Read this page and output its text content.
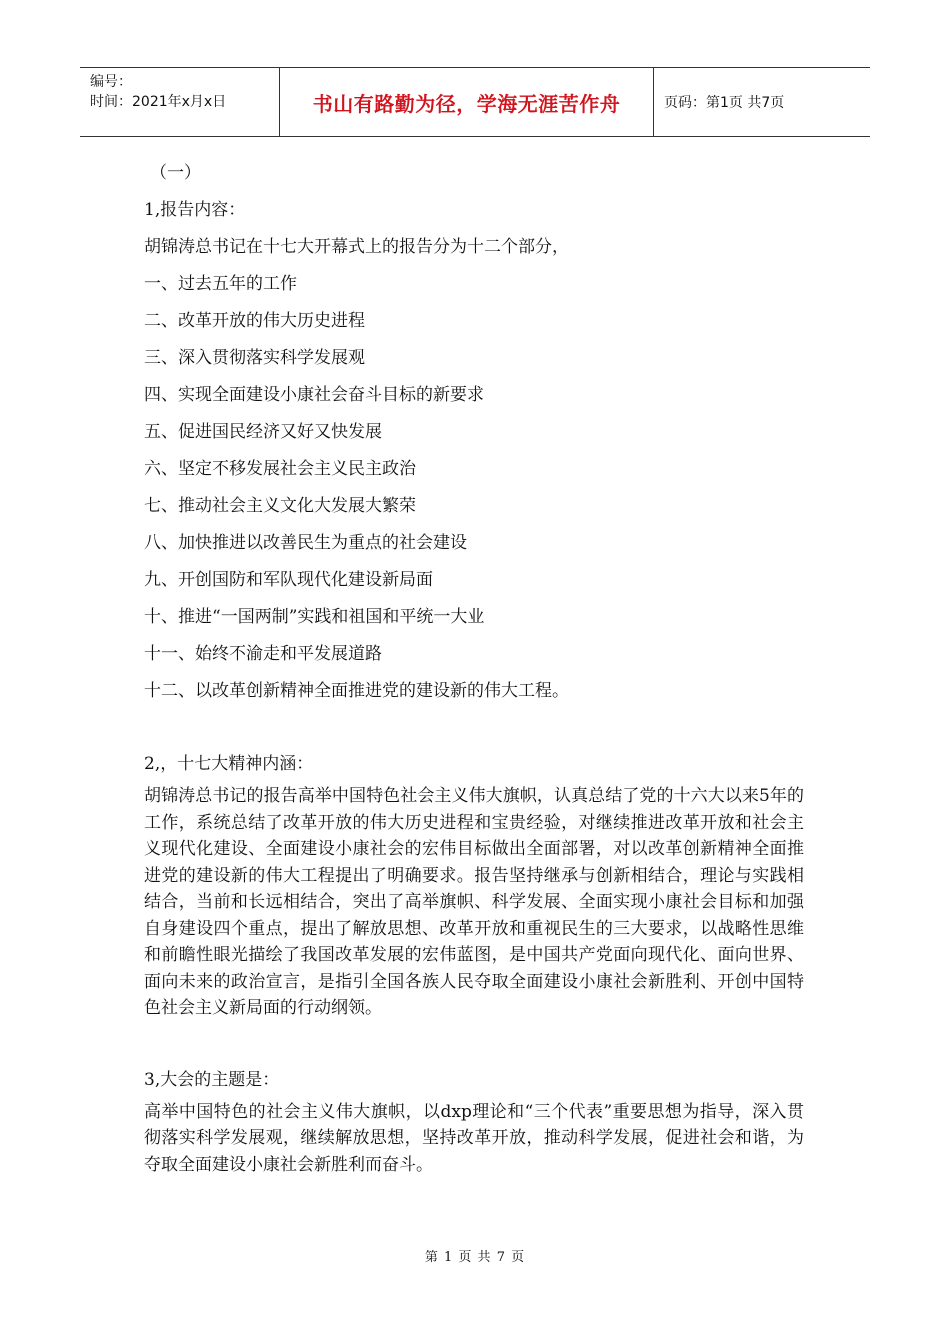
编号：
时间：2021年x月x日	书山有路勤为径，学海无涯苦作舟	页码：第1页 共7页
（一）
1,报告内容：
胡锦涛总书记在十七大开幕式上的报告分为十二个部分，
一、过去五年的工作
二、改革开放的伟大历史进程
三、深入贯彻落实科学发展观
四、实现全面建设小康社会奋斗目标的新要求
五、促进国民经济又好又快发展
六、坚定不移发展社会主义民主政治
七、推动社会主义文化大发展大繁荣
八、加快推进以改善民生为重点的社会建设
九、开创国防和军队现代化建设新局面
十、推进“一国两制”实践和祖国和平统一大业
十一、始终不渝走和平发展道路
十二、以改革创新精神全面推进党的建设新的伟大工程。
2,，十七大精神内涵：

胡锦涛总书记的报告高举中国特色社会主义伟大旗帜，认真总结了党的十六大以来5年的工作，系统总结了改革开放的伟大历史进程和宝贵经验，对继续推进改革开放和社会主义现代化建设、全面建设小康社会的宏伟目标做出全面部署，对以改革创新精神全面推进党的建设新的伟大工程提出了明确要求。报告坚持继承与创新相结合，理论与实践相结合，当前和长远相结合，突出了高举旗帜、科学发展、全面实现小康社会目标和加强自身建设四个重点，提出了解放思想、改革开放和重视民生的三大要求，以战略性思维和前瞻性眼光描绘了我国改革发展的宏伟蓝图，是中国共产党面向现代化、面向世界、面向未来的政治宣言，是指引全国各族人民夺取全面建设小康社会新胜利、开创中国特色社会主义新局面的行动纲领。

3,大会的主题是：

高举中国特色的社会主义伟大旗帜，以dxp理论和“三个代表”重要思想为指导，深入贯彻落实科学发展观，继续解放思想，坚持改革开放，推动科学发展，促进社会和谐，为夺取全面建设小康社会新胜利而奋斗。

第 1 页 共 7 页
